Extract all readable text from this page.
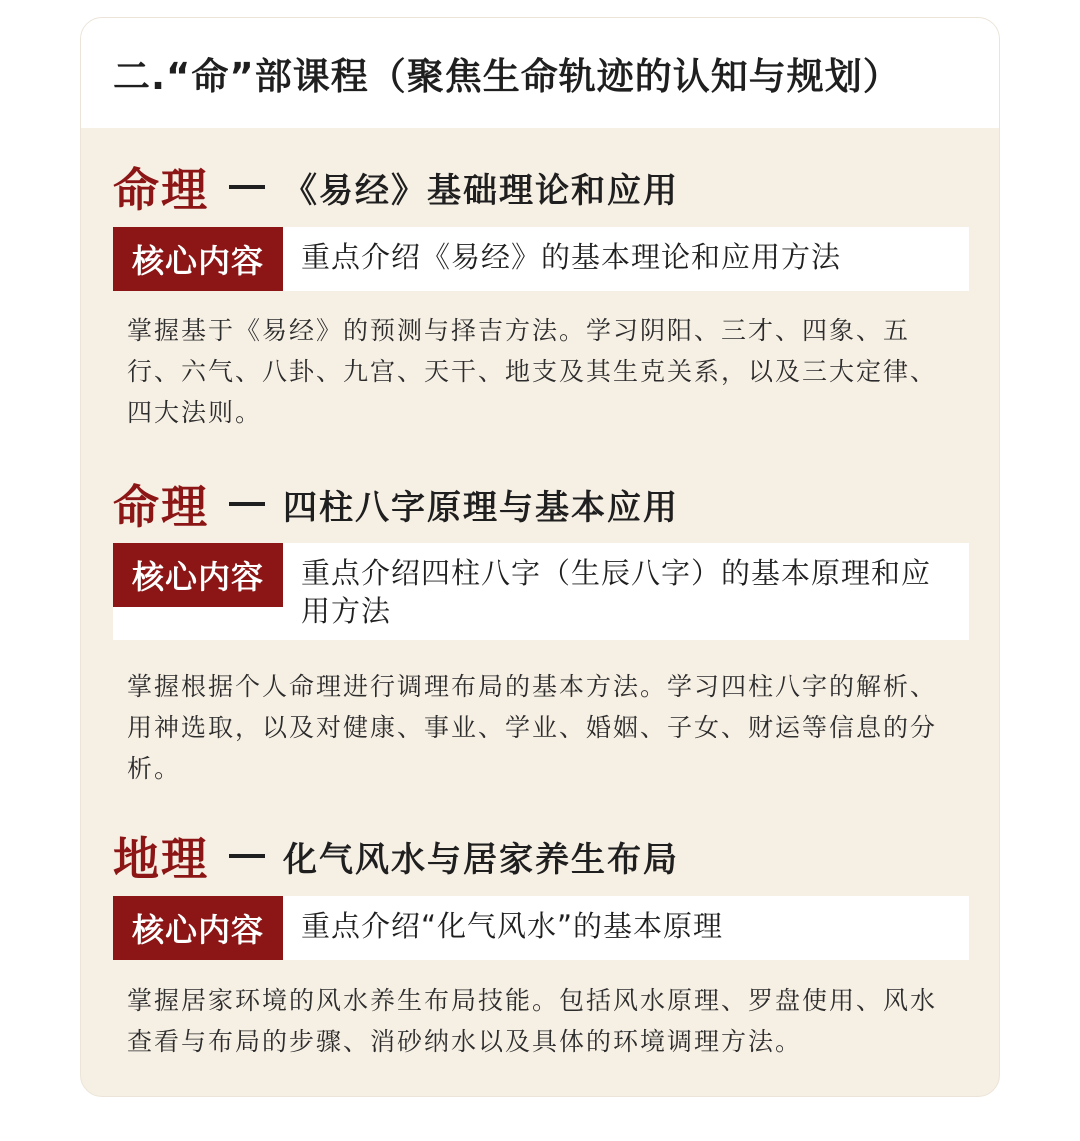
二.“命”部课程（聚焦生命轨迹的认知与规划）
命理 《易经》基础理论和应用
核心内容	重点介绍《易经》的基本理论和应用方法

掌握基于《易经》的预测与择吉方法。学习阴阳、三才、四象、五行、六气、八卦、九宫、天干、地支及其生克关系，以及三大定律、四大法则。

命理 四柱八字原理与基本应用
核心内容	重点介绍四柱八字（生辰八字）的基本原理和应用方法

掌握根据个人命理进行调理布局的基本方法。学习四柱八字的解析、用神选取，以及对健康、事业、学业、婚姻、子女、财运等信息的分析。

地理 化气风水与居家养生布局
核心内容	重点介绍“化气风水”的基本原理

掌握居家环境的风水养生布局技能。包括风水原理、罗盘使用、风水查看与布局的步骤、消砂纳水以及具体的环境调理方法。
